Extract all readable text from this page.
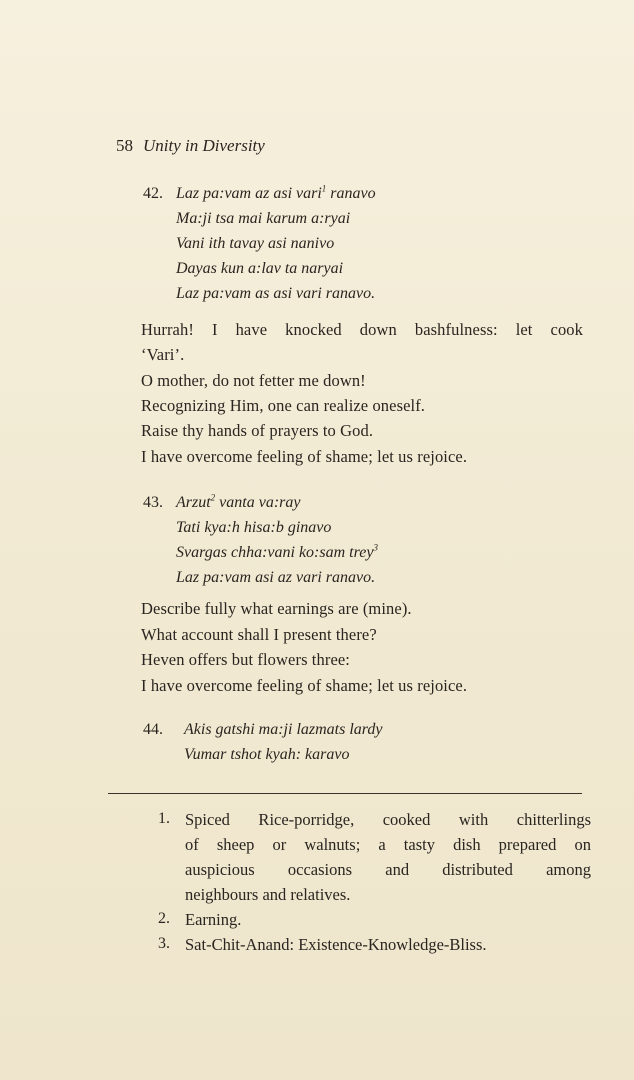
58 Unity in Diversity
42. Laz pa:vam az asi vari$^1$ ranavo
Ma:ji tsa mai karum a:ryai
Vani ith tavay asi nanivo
Dayas kun a:lav ta naryai
Laz pa:vam as asi vari ranavo.
Hurrah! I have knocked down bashfulness: let cook
‘Vari’.
O mother, do not fetter me down!
Recognizing Him, one can realize oneself.
Raise thy hands of prayers to God.
I have overcome feeling of shame; let us rejoice.
43. Arzut$^2$ vanta va:ray
Tati kya:h hisa:b ginavo
Svargas chha:vani ko:sam trey$^3$
Laz pa:vam asi az vari ranavo.
Describe fully what earnings are (mine).
What account shall I present there?
Heven offers but flowers three:
I have overcome feeling of shame; let us rejoice.
44. Akis gatshi ma:ji lazmats lardy
Vumar tshot kyah: karavo
1. Spiced Rice-porridge, cooked with chitterlings
of sheep or walnuts; a tasty dish prepared on
auspicious occasions and distributed among
neighbours and relatives.
2. Earning.
3. Sat-Chit-Anand: Existence-Knowledge-Bliss.
